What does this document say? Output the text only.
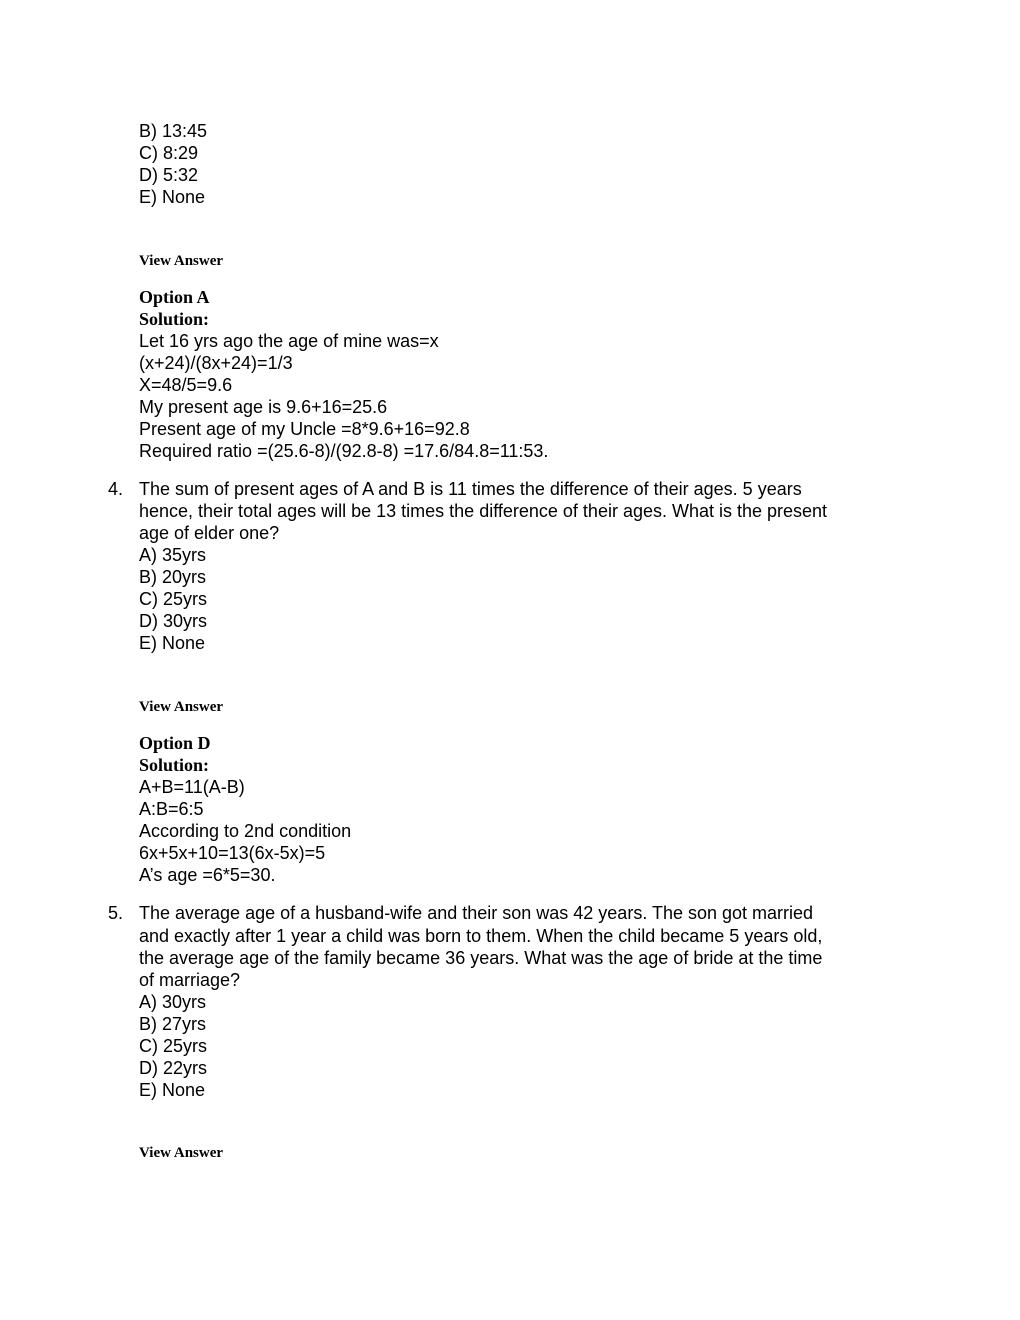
B) 13:45
C) 8:29
D) 5:32
E) None
View Answer
Option A
Solution:
Let 16 yrs ago the age of mine was=x
(x+24)/(8x+24)=1/3
X=48/5=9.6
My present age is 9.6+16=25.6
Present age of my Uncle =8*9.6+16=92.8
Required ratio =(25.6-8)/(92.8-8) =17.6/84.8=11:53.
4. The sum of present ages of A and B is 11 times the difference of their ages. 5 years
hence, their total ages will be 13 times the difference of their ages. What is the present
age of elder one?
A) 35yrs
B) 20yrs
C) 25yrs
D) 30yrs
E) None
View Answer
Option D
Solution:
A+B=11(A-B)
A:B=6:5
According to 2nd condition
6x+5x+10=13(6x-5x)=5
A’s age =6*5=30.
5. The average age of a husband-wife and their son was 42 years. The son got married
and exactly after 1 year a child was born to them. When the child became 5 years old,
the average age of the family became 36 years. What was the age of bride at the time
of marriage?
A) 30yrs
B) 27yrs
C) 25yrs
D) 22yrs
E) None
View Answer
